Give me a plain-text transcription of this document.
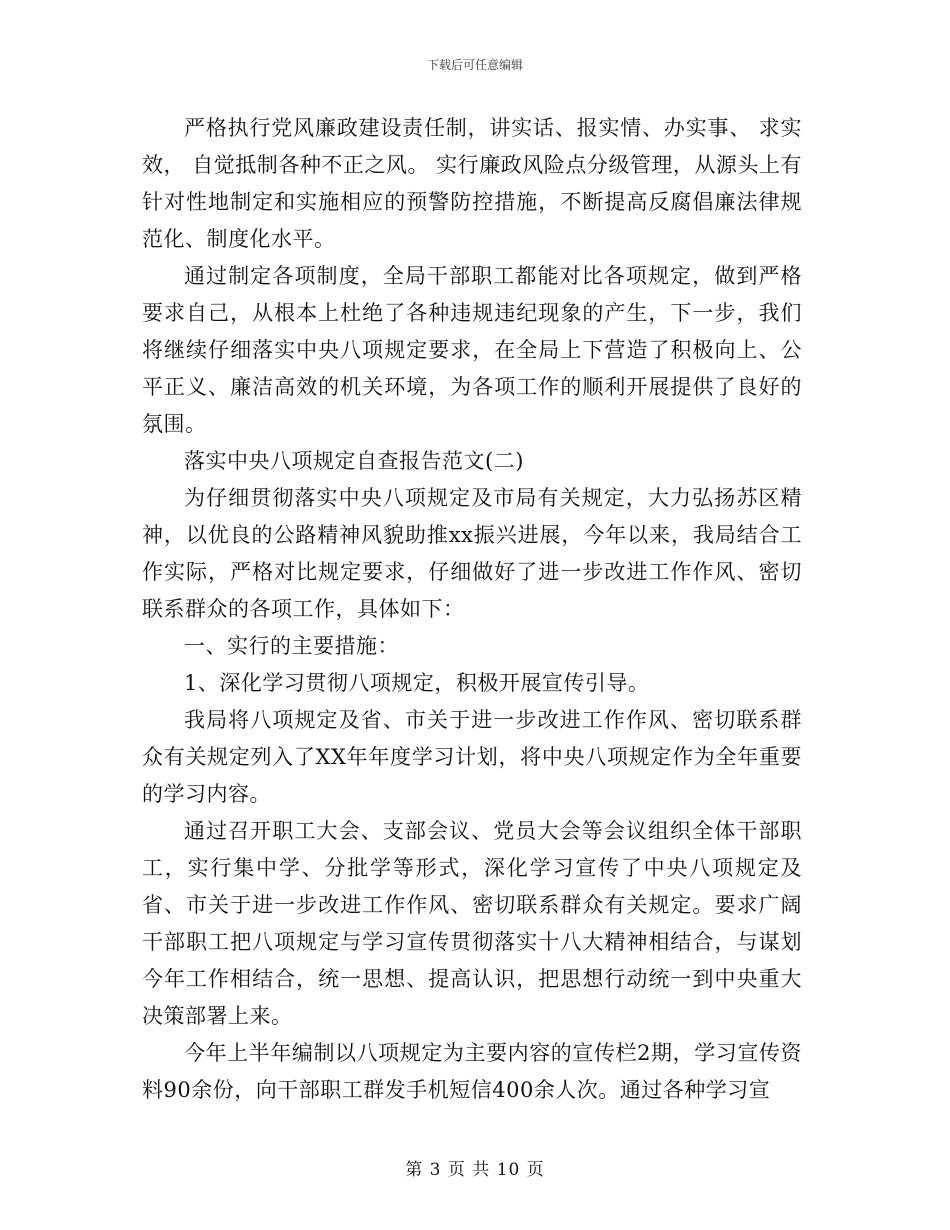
下载后可任意编辑

严格执行党风廉政建设责任制，讲实话、报实情、办实事、 求实效， 自觉抵制各种不正之风。 实行廉政风险点分级管理，从源头上有针对性地制定和实施相应的预警防控措施，不断提高反腐倡廉法律规范化、制度化水平。

通过制定各项制度，全局干部职工都能对比各项规定，做到严格要求自己，从根本上杜绝了各种违规违纪现象的产生，下一步，我们将继续仔细落实中央八项规定要求，在全局上下营造了积极向上、公平正义、廉洁高效的机关环境，为各项工作的顺利开展提供了良好的氛围。

落实中央八项规定自查报告范文(二)

为仔细贯彻落实中央八项规定及市局有关规定，大力弘扬苏区精神，以优良的公路精神风貌助推xx振兴进展，今年以来，我局结合工作实际，严格对比规定要求，仔细做好了进一步改进工作作风、密切联系群众的各项工作，具体如下：

一、实行的主要措施：

1、深化学习贯彻八项规定，积极开展宣传引导。

我局将八项规定及省、市关于进一步改进工作作风、密切联系群众有关规定列入了XX年年度学习计划，将中央八项规定作为全年重要的学习内容。

通过召开职工大会、支部会议、党员大会等会议组织全体干部职工，实行集中学、分批学等形式，深化学习宣传了中央八项规定及省、市关于进一步改进工作作风、密切联系群众有关规定。要求广阔干部职工把八项规定与学习宣传贯彻落实十八大精神相结合，与谋划今年工作相结合，统一思想、提高认识，把思想行动统一到中央重大决策部署上来。

今年上半年编制以八项规定为主要内容的宣传栏2期，学习宣传资料90余份，向干部职工群发手机短信400余人次。通过各种学习宣

第 3 页 共 10 页
